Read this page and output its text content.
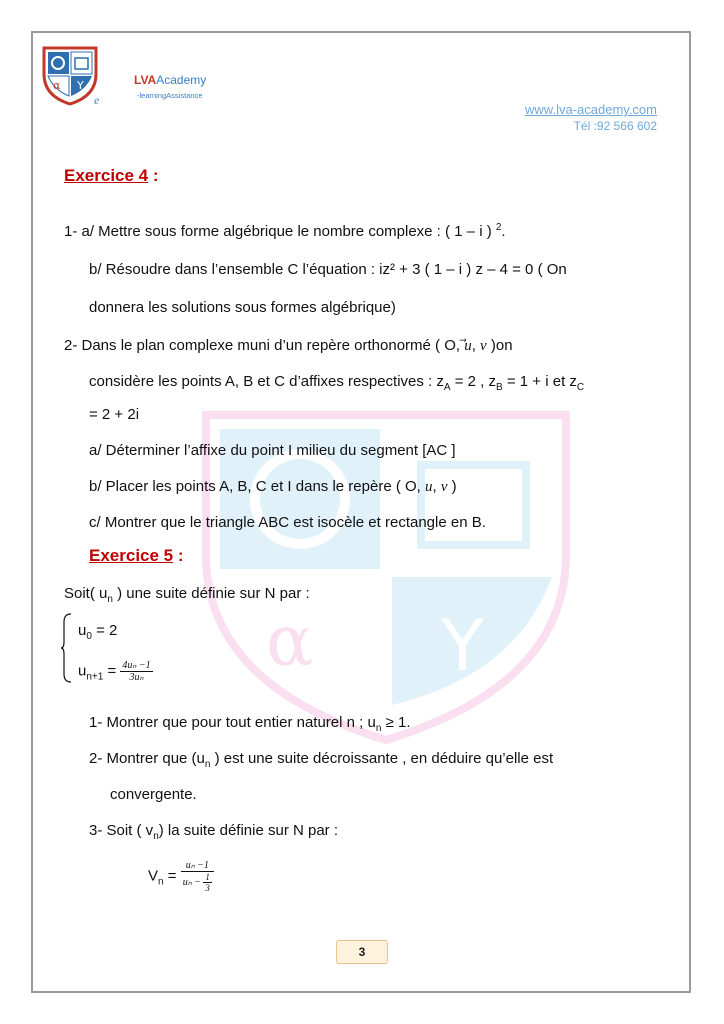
α Y	LVAAcademy
-learningAssistance
e
www.lva-academy.com
Tél :92 566 602
α Y
Exercice 4 :
1- a/ Mettre sous forme algébrique le nombre complexe : ( 1 – i ) $^2$.
b/ Résoudre dans l’ensemble C l’équation : iz² + 3 ( 1 – i ) z – 4 = 0 ( On
donnera les solutions sous formes algébrique)
2- Dans le plan complexe muni d’un repère orthonormé ( O, u, v )on
considère les points A, B et C d’affixes respectives : $z_A = 2$ , $z_B = 1 + i$ et $z_C$
= 2 + 2i
a/ Déterminer l’affixe du point I milieu du segment [AC ]
b/ Placer les points A, B, C et I dans le repère ( O, u, v )
c/ Montrer que le triangle ABC est isocèle et rectangle en B.
Exercice 5 :
Soit( $u_n$ ) une suite définie sur N par :
$u_0 = 2$
$u_{n+1} = \frac{\text{4uₙ −1}}{\text{3uₙ}}$
1- Montrer que pour tout entier naturel n ; $u_n \ge 1$.
2- Montrer que ($u_n$ ) est une suite décroissante , en déduire qu’elle est
convergente.
3- Soit ( $v_n$) la suite définie sur N par :
$V_n = \frac{\text{uₙ −1}}{u_n - \frac{1}{3}}$
3
